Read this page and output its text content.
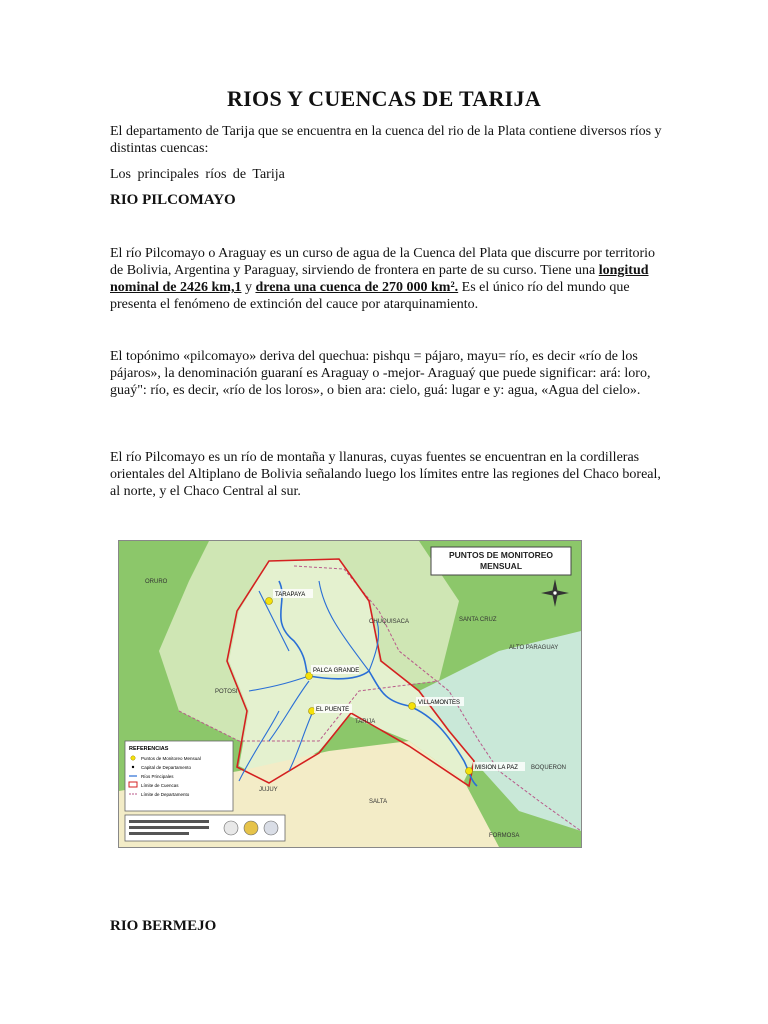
RIOS Y CUENCAS DE TARIJA
El departamento de Tarija que se encuentra en la cuenca del rio de la Plata contiene diversos ríos y distintas cuencas:
Los principales ríos de Tarija
RIO PILCOMAYO
El río Pilcomayo o Araguay es un curso de agua de la Cuenca del Plata que discurre por territorio de Bolivia, Argentina y Paraguay, sirviendo de frontera en parte de su curso. Tiene una longitud nominal de 2426 km,1 y drena una cuenca de 270 000 km². Es el único río del mundo que presenta el fenómeno de extinción del cauce por atarquinamiento.
El topónimo «pilcomayo» deriva del quechua: pishqu = pájaro, mayu= río, es decir «río de los pájaros», la denominación guaraní es Araguay o -mejor- Araguaý que puede significar: ará: loro, guaý": río, es decir, «río de los loros», o bien ara: cielo, guá: lugar e y: agua, «Agua del cielo».
El río Pilcomayo es un río de montaña y llanuras, cuyas fuentes se encuentran en la cordilleras orientales del Altiplano de Bolivia señalando luego los límites entre las regiones del Chaco boreal, al norte, y el Chaco Central al sur.
TARAPAYA
PALCA GRANDE
EL PUENTE
VILLAMONTES
MISION LA PAZ
ORURO
SANTA CRUZ
CHUQUISACA
ALTO PARAGUAY
POTOSI
BOQUERON
JUJUY
SALTA
FORMOSA
TARIJA
PUNTOS DE MONITOREO
MENSUAL
REFERENCIAS
Puntos de Monitoreo Mensual
Capital de Departamento
Ríos Principales
Límite de Cuencas
Límite de Departamento
RIO BERMEJO
